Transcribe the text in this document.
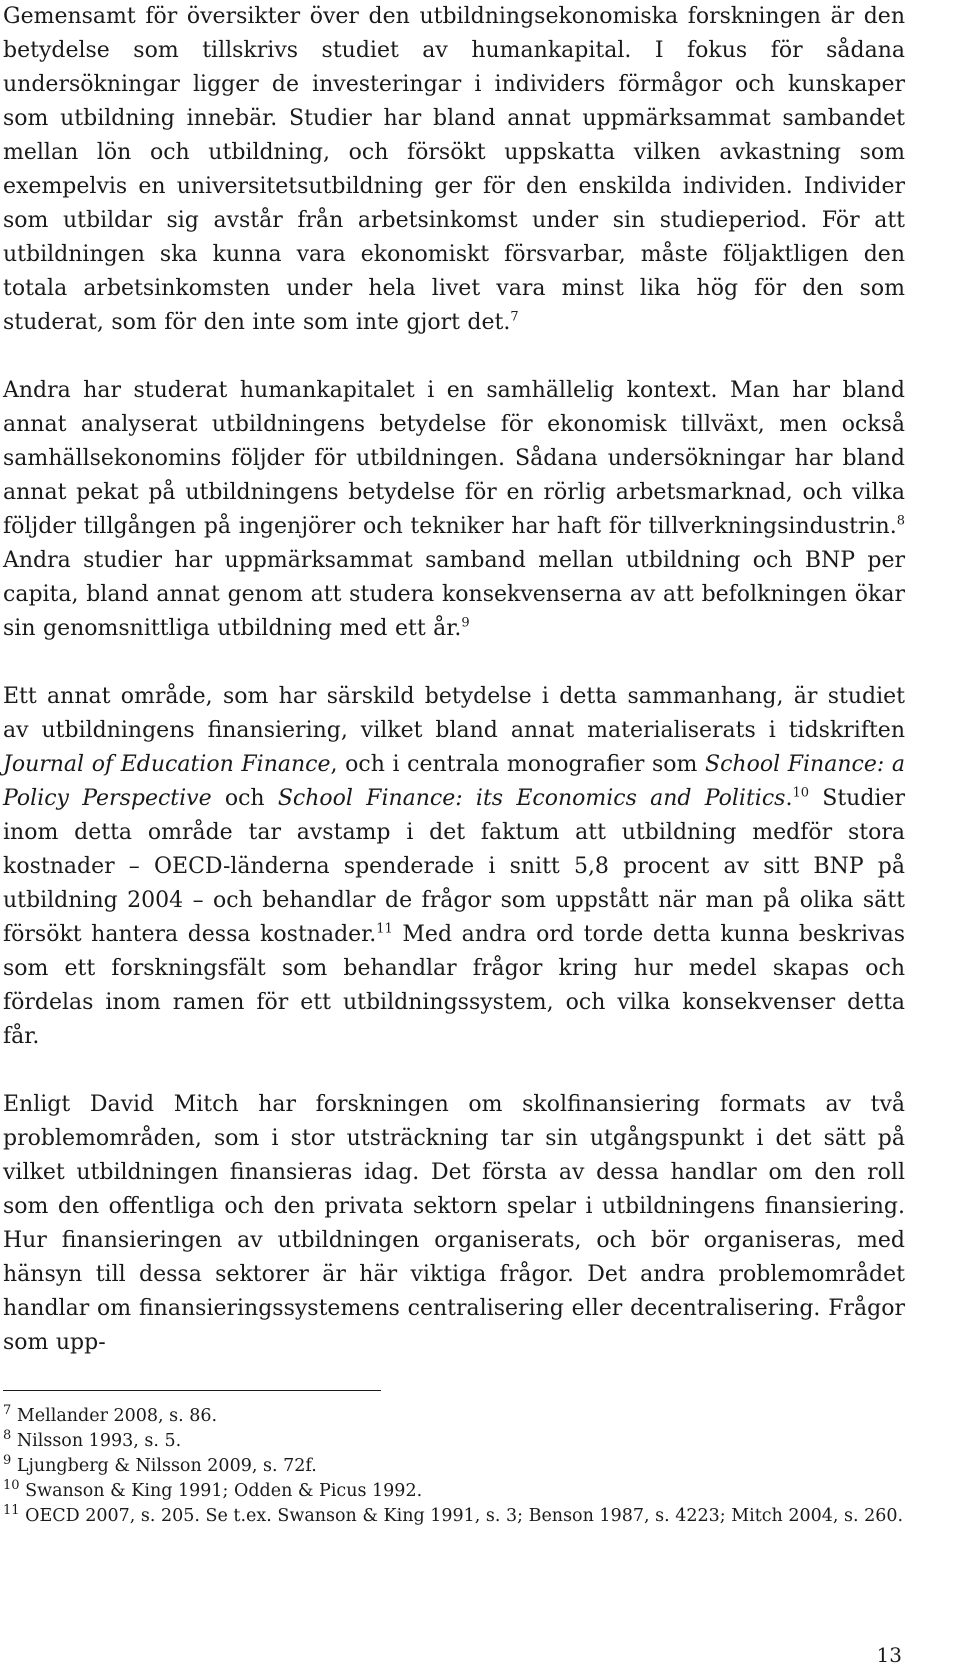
Gemensamt för översikter över den utbildningsekonomiska forskningen är den betydelse som tillskrivs studiet av humankapital. I fokus för sådana undersökningar ligger de investeringar i individers förmågor och kunskaper som utbildning innebär. Studier har bland annat uppmärksammat sambandet mellan lön och utbildning, och försökt uppskatta vilken avkastning som exempelvis en universitetsutbildning ger för den enskilda individen. Individer som utbildar sig avstår från arbetsinkomst under sin studieperiod. För att utbildningen ska kunna vara ekonomiskt försvarbar, måste följaktligen den totala arbetsinkomsten under hela livet vara minst lika hög för den som studerat, som för den inte som inte gjort det.$^7$

Andra har studerat humankapitalet i en samhällelig kontext. Man har bland annat analyserat utbildningens betydelse för ekonomisk tillväxt, men också samhällsekonomins följder för utbildningen. Sådana undersökningar har bland annat pekat på utbildningens betydelse för en rörlig arbetsmarknad, och vilka följder tillgången på ingenjörer och tekniker har haft för tillverkningsindustrin.$^8$ Andra studier har uppmärksammat samband mellan utbildning och BNP per capita, bland annat genom att studera konsekvenserna av att befolkningen ökar sin genomsnittliga utbildning med ett år.$^9$

Ett annat område, som har särskild betydelse i detta sammanhang, är studiet av utbildningens finansiering, vilket bland annat materialiserats i tidskriften Journal of Education Finance, och i centrala monografier som School Finance: a Policy Perspective och School Finance: its Economics and Politics.$^{10}$ Studier inom detta område tar avstamp i det faktum att utbildning medför stora kostnader – OECD-länderna spenderade i snitt 5,8 procent av sitt BNP på utbildning 2004 – och behandlar de frågor som uppstått när man på olika sätt försökt hantera dessa kostnader.$^{11}$ Med andra ord torde detta kunna beskrivas som ett forskningsfält som behandlar frågor kring hur medel skapas och fördelas inom ramen för ett utbildningssystem, och vilka konsekvenser detta får.

Enligt David Mitch har forskningen om skolfinansiering formats av två problemområden, som i stor utsträckning tar sin utgångspunkt i det sätt på vilket utbildningen finansieras idag. Det första av dessa handlar om den roll som den offentliga och den privata sektorn spelar i utbildningens finansiering. Hur finansieringen av utbildningen organiserats, och bör organiseras, med hänsyn till dessa sektorer är här viktiga frågor. Det andra problemområdet handlar om finansieringssystemens centralisering eller decentralisering. Frågor som upp-

$^7$ Mellander 2008, s. 86.

$^8$ Nilsson 1993, s. 5.

$^9$ Ljungberg & Nilsson 2009, s. 72f.

$^{10}$ Swanson & King 1991; Odden & Picus 1992.

$^{11}$ OECD 2007, s. 205. Se t.ex. Swanson & King 1991, s. 3; Benson 1987, s. 4223; Mitch 2004, s. 260.

13
